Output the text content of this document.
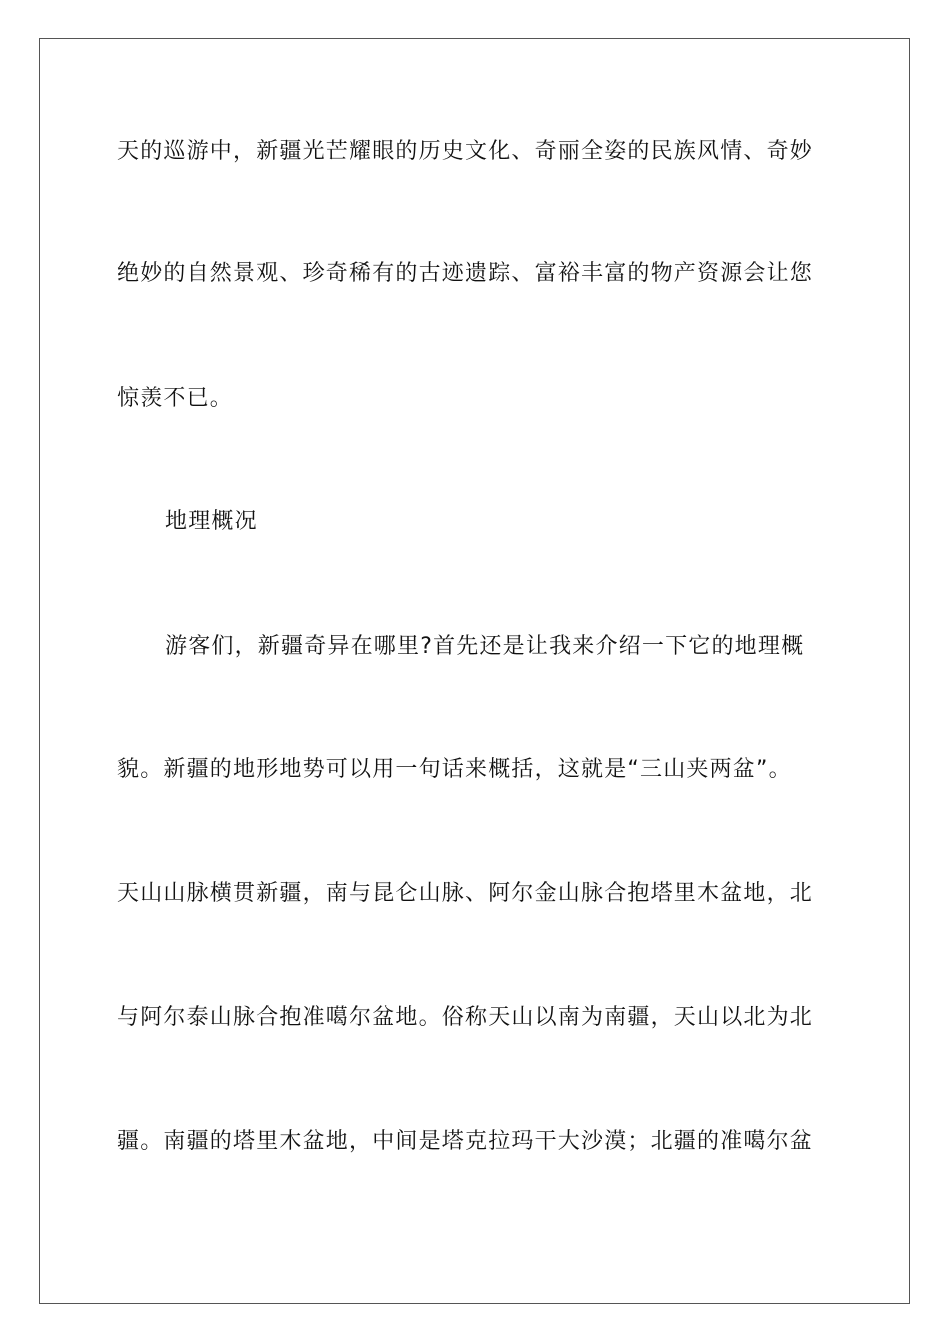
天的巡游中，新疆光芒耀眼的历史文化、奇丽全姿的民族风情、奇妙
绝妙的自然景观、珍奇稀有的古迹遗踪、富裕丰富的物产资源会让您
惊羡不已。
地理概况
游客们，新疆奇异在哪里?首先还是让我来介绍一下它的地理概
貌。新疆的地形地势可以用一句话来概括，这就是“三山夹两盆”。
天山山脉横贯新疆，南与昆仑山脉、阿尔金山脉合抱塔里木盆地，北
与阿尔泰山脉合抱准噶尔盆地。俗称天山以南为南疆，天山以北为北
疆。南疆的塔里木盆地，中间是塔克拉玛干大沙漠；北疆的准噶尔盆
